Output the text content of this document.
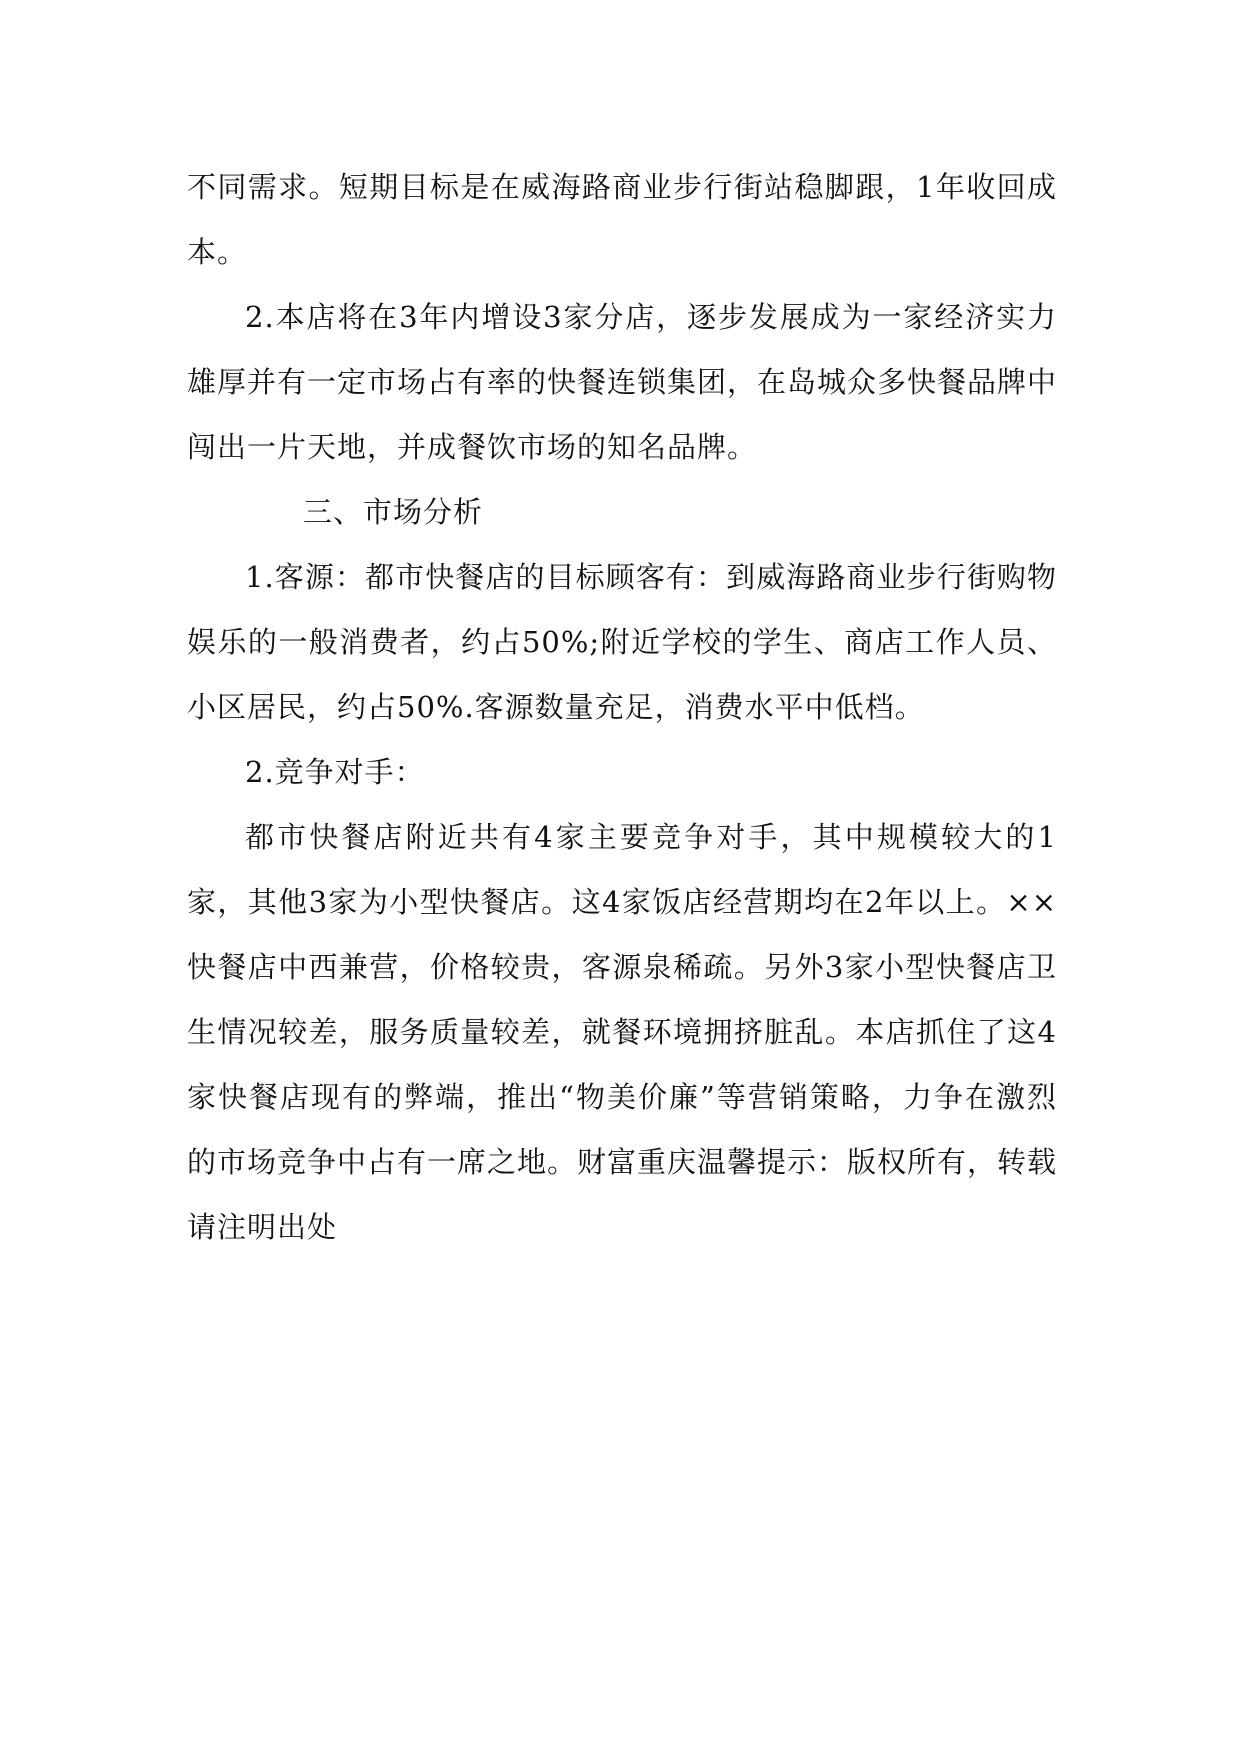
不同需求。短期目标是在威海路商业步行街站稳脚跟，1年收回成本。

2.本店将在3年内增设3家分店，逐步发展成为一家经济实力雄厚并有一定市场占有率的快餐连锁集团，在岛城众多快餐品牌中闯出一片天地，并成餐饮市场的知名品牌。

三、市场分析

1.客源：都市快餐店的目标顾客有：到威海路商业步行街购物娱乐的一般消费者，约占50%;附近学校的学生、商店工作人员、小区居民，约占50%.客源数量充足，消费水平中低档。

2.竞争对手：

都市快餐店附近共有4家主要竞争对手，其中规模较大的1家，其他3家为小型快餐店。这4家饭店经营期均在2年以上。××快餐店中西兼营，价格较贵，客源泉稀疏。另外3家小型快餐店卫生情况较差，服务质量较差，就餐环境拥挤脏乱。本店抓住了这4家快餐店现有的弊端，推出“物美价廉”等营销策略，力争在激烈的市场竞争中占有一席之地。财富重庆温馨提示：版权所有，转载请注明出处
